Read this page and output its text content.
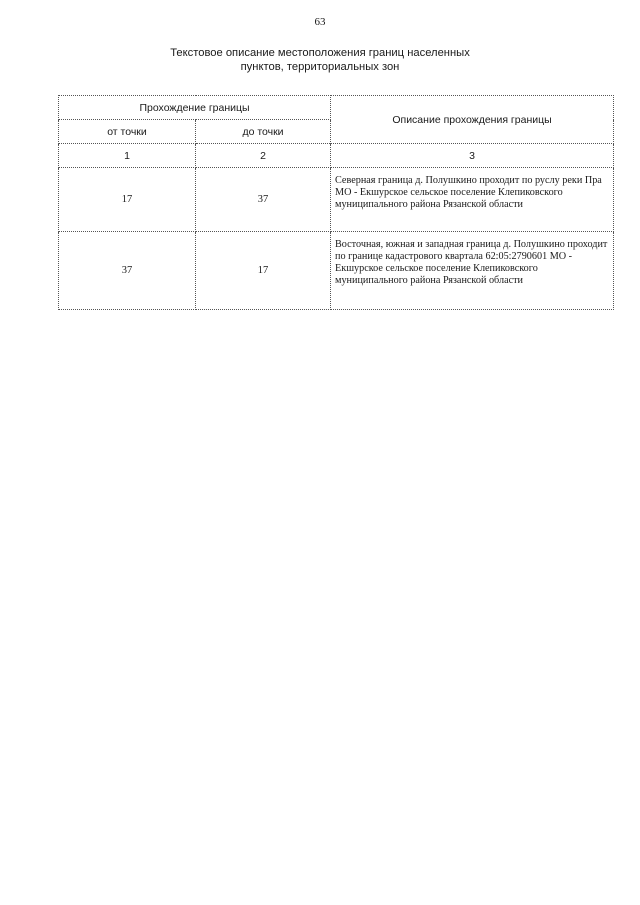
63
Текстовое описание местоположения границ населенных
пунктов, территориальных зон
Прохождение границы		Описание прохождения границы
от точки	до точки	
1	2	3
17	37	Северная граница д. Полушкино проходит по руслу реки Пра МО - Екшурское сельское поселение Клепиковского муниципального района Рязанской области
37	17	Восточная, южная и западная граница д. Полушкино проходит по границе кадастрового квартала 62:05:2790601 МО - Екшурское сельское поселение Клепиковского муниципального района Рязанской области
